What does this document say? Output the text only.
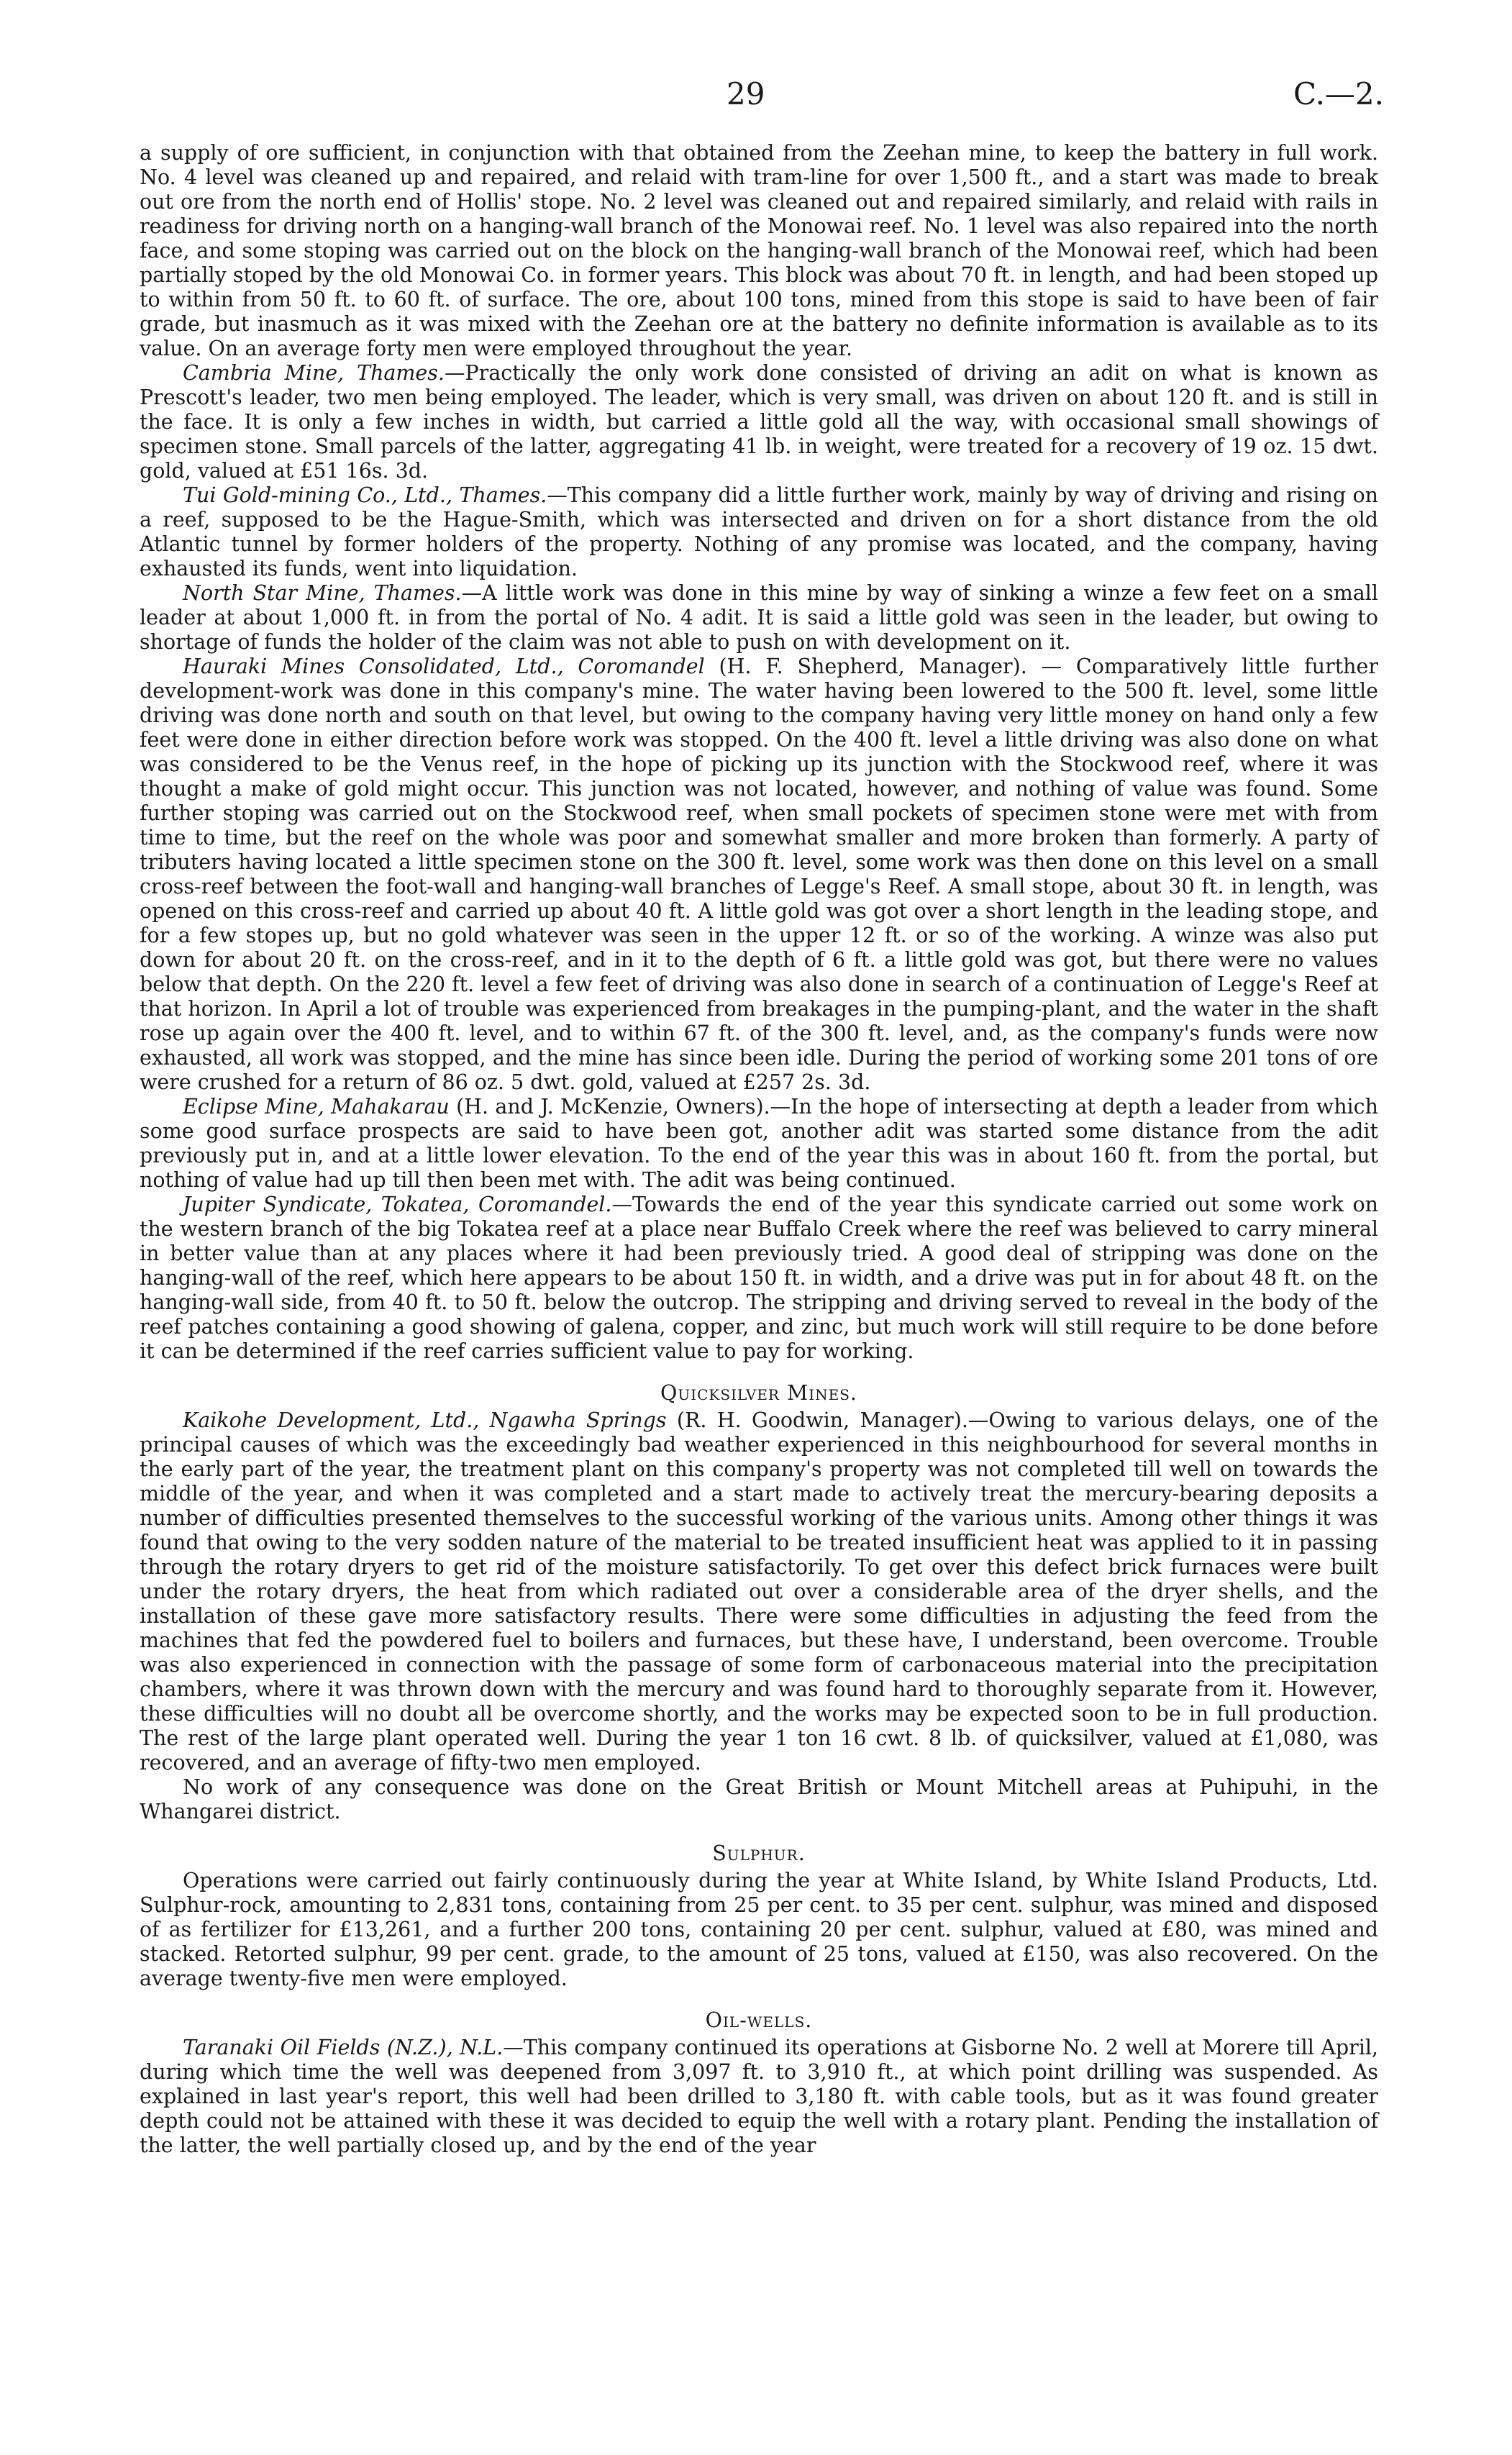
29	C.—2.

a supply of ore sufficient, in conjunction with that obtained from the Zeehan mine, to keep the battery in full work. No. 4 level was cleaned up and repaired, and relaid with tram-line for over 1,500 ft., and a start was made to break out ore from the north end of Hollis' stope. No. 2 level was cleaned out and repaired similarly, and relaid with rails in readiness for driving north on a hanging-wall branch of the Monowai reef. No. 1 level was also repaired into the north face, and some stoping was carried out on the block on the hanging-wall branch of the Monowai reef, which had been partially stoped by the old Monowai Co. in former years. This block was about 70 ft. in length, and had been stoped up to within from 50 ft. to 60 ft. of surface. The ore, about 100 tons, mined from this stope is said to have been of fair grade, but inasmuch as it was mixed with the Zeehan ore at the battery no definite information is available as to its value. On an average forty men were employed throughout the year.

Cambria Mine, Thames.—Practically the only work done consisted of driving an adit on what is known as Prescott's leader, two men being employed. The leader, which is very small, was driven on about 120 ft. and is still in the face. It is only a few inches in width, but carried a little gold all the way, with occasional small showings of specimen stone. Small parcels of the latter, aggregating 41 lb. in weight, were treated for a recovery of 19 oz. 15 dwt. gold, valued at £51 16s. 3d.

Tui Gold-mining Co., Ltd., Thames.—This company did a little further work, mainly by way of driving and rising on a reef, supposed to be the Hague-Smith, which was intersected and driven on for a short distance from the old Atlantic tunnel by former holders of the property. Nothing of any promise was located, and the company, having exhausted its funds, went into liquidation.

North Star Mine, Thames.—A little work was done in this mine by way of sinking a winze a few feet on a small leader at about 1,000 ft. in from the portal of No. 4 adit. It is said a little gold was seen in the leader, but owing to shortage of funds the holder of the claim was not able to push on with development on it.

Hauraki Mines Consolidated, Ltd., Coromandel (H. F. Shepherd, Manager). — Comparatively little further development-work was done in this company's mine. The water having been lowered to the 500 ft. level, some little driving was done north and south on that level, but owing to the company having very little money on hand only a few feet were done in either direction before work was stopped. On the 400 ft. level a little driving was also done on what was considered to be the Venus reef, in the hope of picking up its junction with the Stockwood reef, where it was thought a make of gold might occur. This junction was not located, however, and nothing of value was found. Some further stoping was carried out on the Stockwood reef, when small pockets of specimen stone were met with from time to time, but the reef on the whole was poor and somewhat smaller and more broken than formerly. A party of tributers having located a little specimen stone on the 300 ft. level, some work was then done on this level on a small cross-reef between the foot-wall and hanging-wall branches of Legge's Reef. A small stope, about 30 ft. in length, was opened on this cross-reef and carried up about 40 ft. A little gold was got over a short length in the leading stope, and for a few stopes up, but no gold whatever was seen in the upper 12 ft. or so of the working. A winze was also put down for about 20 ft. on the cross-reef, and in it to the depth of 6 ft. a little gold was got, but there were no values below that depth. On the 220 ft. level a few feet of driving was also done in search of a continuation of Legge's Reef at that horizon. In April a lot of trouble was experienced from breakages in the pumping-plant, and the water in the shaft rose up again over the 400 ft. level, and to within 67 ft. of the 300 ft. level, and, as the company's funds were now exhausted, all work was stopped, and the mine has since been idle. During the period of working some 201 tons of ore were crushed for a return of 86 oz. 5 dwt. gold, valued at £257 2s. 3d.

Eclipse Mine, Mahakarau (H. and J. McKenzie, Owners).—In the hope of intersecting at depth a leader from which some good surface prospects are said to have been got, another adit was started some distance from the adit previously put in, and at a little lower elevation. To the end of the year this was in about 160 ft. from the portal, but nothing of value had up till then been met with. The adit was being continued.

Jupiter Syndicate, Tokatea, Coromandel.—Towards the end of the year this syndicate carried out some work on the western branch of the big Tokatea reef at a place near Buffalo Creek where the reef was believed to carry mineral in better value than at any places where it had been previously tried. A good deal of stripping was done on the hanging-wall of the reef, which here appears to be about 150 ft. in width, and a drive was put in for about 48 ft. on the hanging-wall side, from 40 ft. to 50 ft. below the outcrop. The stripping and driving served to reveal in the body of the reef patches containing a good showing of galena, copper, and zinc, but much work will still require to be done before it can be determined if the reef carries sufficient value to pay for working.

Quicksilver Mines.

Kaikohe Development, Ltd., Ngawha Springs (R. H. Goodwin, Manager).—Owing to various delays, one of the principal causes of which was the exceedingly bad weather experienced in this neighbourhood for several months in the early part of the year, the treatment plant on this company's property was not completed till well on towards the middle of the year, and when it was completed and a start made to actively treat the mercury-bearing deposits a number of difficulties presented themselves to the successful working of the various units. Among other things it was found that owing to the very sodden nature of the material to be treated insufficient heat was applied to it in passing through the rotary dryers to get rid of the moisture satisfactorily. To get over this defect brick furnaces were built under the rotary dryers, the heat from which radiated out over a considerable area of the dryer shells, and the installation of these gave more satisfactory results. There were some difficulties in adjusting the feed from the machines that fed the powdered fuel to boilers and furnaces, but these have, I understand, been overcome. Trouble was also experienced in connection with the passage of some form of carbonaceous material into the precipitation chambers, where it was thrown down with the mercury and was found hard to thoroughly separate from it. However, these difficulties will no doubt all be overcome shortly, and the works may be expected soon to be in full production. The rest of the large plant operated well. During the year 1 ton 16 cwt. 8 lb. of quicksilver, valued at £1,080, was recovered, and an average of fifty-two men employed.

No work of any consequence was done on the Great British or Mount Mitchell areas at Puhipuhi, in the Whangarei district.

Sulphur.

Operations were carried out fairly continuously during the year at White Island, by White Island Products, Ltd. Sulphur-rock, amounting to 2,831 tons, containing from 25 per cent. to 35 per cent. sulphur, was mined and disposed of as fertilizer for £13,261, and a further 200 tons, containing 20 per cent. sulphur, valued at £80, was mined and stacked. Retorted sulphur, 99 per cent. grade, to the amount of 25 tons, valued at £150, was also recovered. On the average twenty-five men were employed.

Oil-wells.

Taranaki Oil Fields (N.Z.), N.L.—This company continued its operations at Gisborne No. 2 well at Morere till April, during which time the well was deepened from 3,097 ft. to 3,910 ft., at which point drilling was suspended. As explained in last year's report, this well had been drilled to 3,180 ft. with cable tools, but as it was found greater depth could not be attained with these it was decided to equip the well with a rotary plant. Pending the installation of the latter, the well partially closed up, and by the end of the year
